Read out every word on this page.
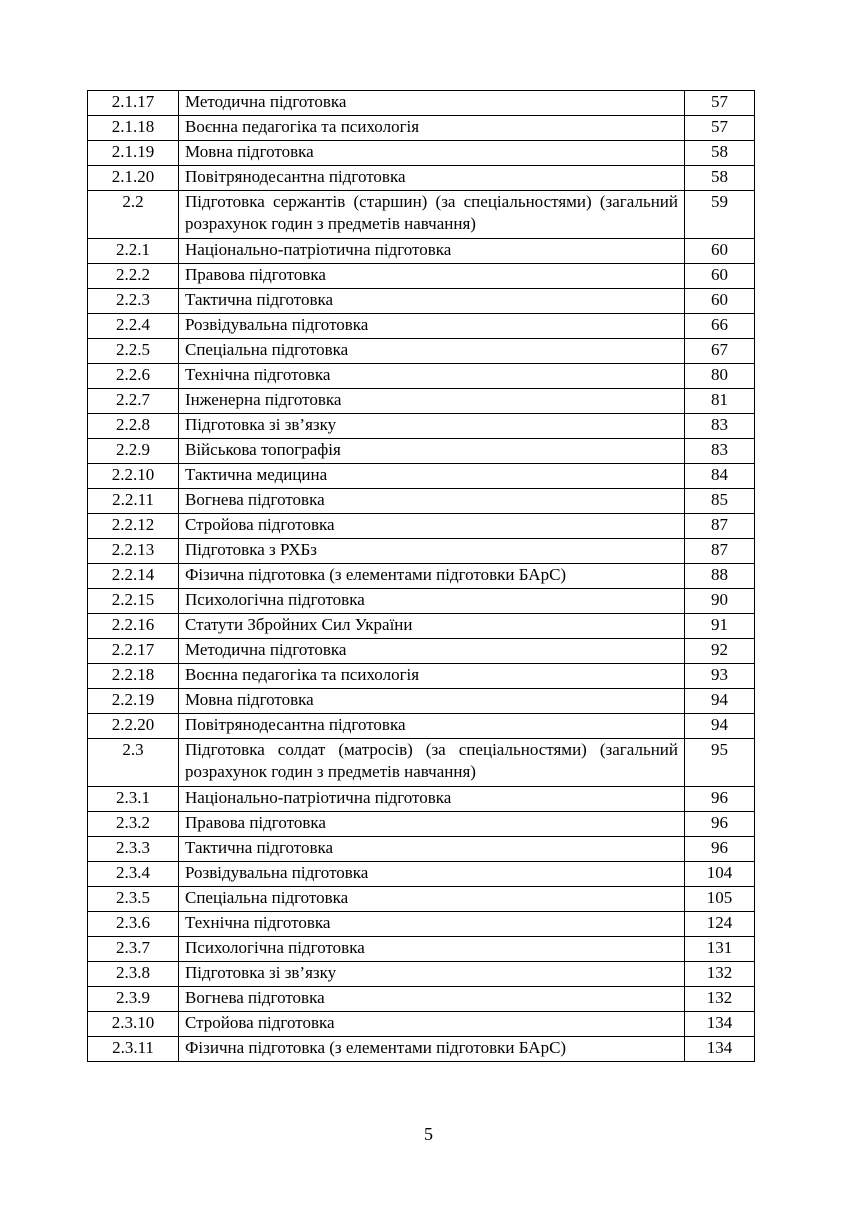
2.1.17	Методична підготовка	57
2.1.18	Воєнна педагогіка та психологія	57
2.1.19	Мовна підготовка	58
2.1.20	Повітрянодесантна підготовка	58
2.2	Підготовка сержантів (старшин) (за спеціальностями) (загальний розрахунок годин з предметів навчання)	59
2.2.1	Національно-патріотична підготовка	60
2.2.2	Правова підготовка	60
2.2.3	Тактична підготовка	60
2.2.4	Розвідувальна підготовка	66
2.2.5	Спеціальна підготовка	67
2.2.6	Технічна підготовка	80
2.2.7	Інженерна підготовка	81
2.2.8	Підготовка зі зв’язку	83
2.2.9	Військова топографія	83
2.2.10	Тактична медицина	84
2.2.11	Вогнева підготовка	85
2.2.12	Стройова підготовка	87
2.2.13	Підготовка з РХБз	87
2.2.14	Фізична підготовка (з елементами підготовки БАрС)	88
2.2.15	Психологічна підготовка	90
2.2.16	Статути Збройних Сил України	91
2.2.17	Методична підготовка	92
2.2.18	Воєнна педагогіка та психологія	93
2.2.19	Мовна підготовка	94
2.2.20	Повітрянодесантна підготовка	94
2.3	Підготовка солдат (матросів) (за спеціальностями) (загальний розрахунок годин з предметів навчання)	95
2.3.1	Національно-патріотична підготовка	96
2.3.2	Правова підготовка	96
2.3.3	Тактична підготовка	96
2.3.4	Розвідувальна підготовка	104
2.3.5	Спеціальна підготовка	105
2.3.6	Технічна підготовка	124
2.3.7	Психологічна підготовка	131
2.3.8	Підготовка зі зв’язку	132
2.3.9	Вогнева підготовка	132
2.3.10	Стройова підготовка	134
2.3.11	Фізична підготовка (з елементами підготовки БАрС)	134
5
